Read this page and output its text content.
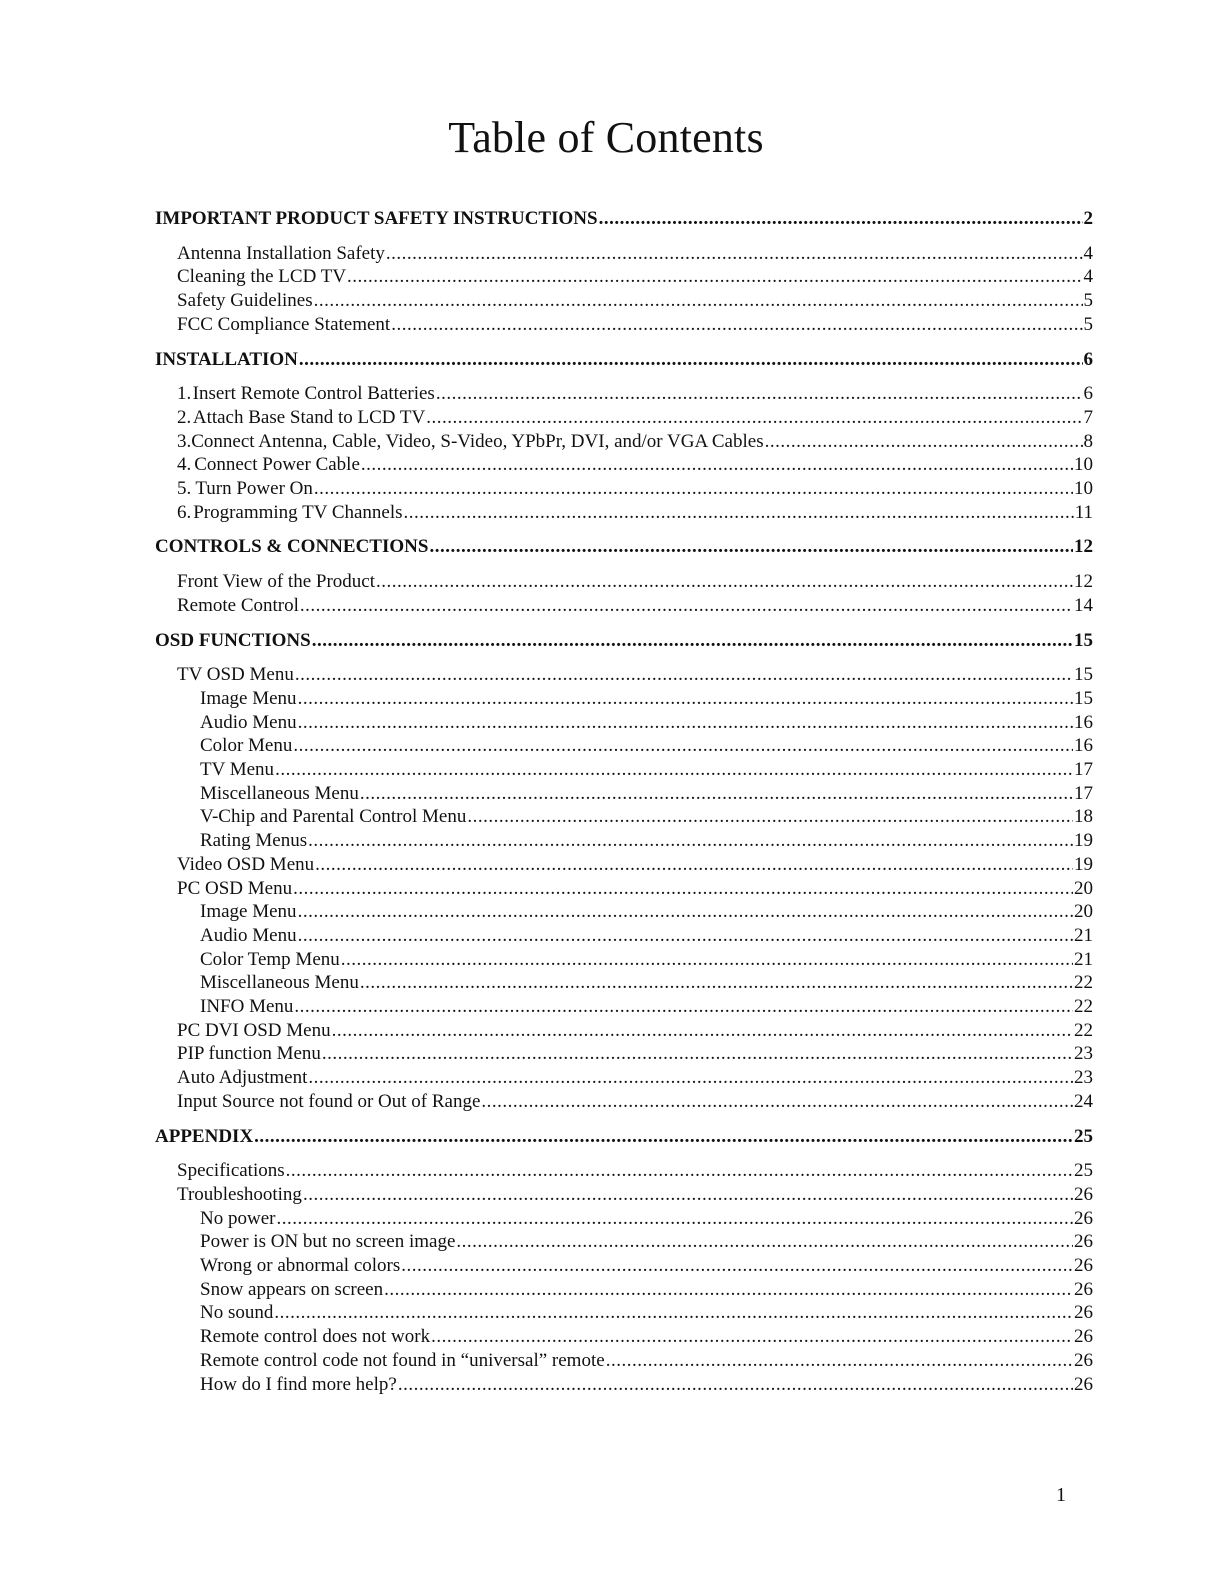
Table of Contents
IMPORTANT PRODUCT SAFETY INSTRUCTIONS .....	2
Antenna Installation Safety .....	4
Cleaning the LCD TV .....	4
Safety Guidelines .....	5
FCC Compliance Statement .....	5
INSTALLATION .....	6
1. Insert Remote Control Batteries .....	6
2. Attach Base Stand to LCD TV .....	7
3. Connect Antenna, Cable, Video, S-Video, YPbPr, DVI, and/or VGA Cables .....	8
4. Connect Power Cable .....	10
5. Turn Power On .....	10
6. Programming TV Channels .....	11
CONTROLS & CONNECTIONS .....	12
Front View of the Product .....	12
Remote Control .....	14
OSD FUNCTIONS .....	15
TV OSD Menu .....	15
Image Menu .....	15
Audio Menu .....	16
Color Menu .....	16
TV Menu .....	17
Miscellaneous Menu .....	17
V-Chip and Parental Control Menu .....	18
Rating Menus .....	19
Video OSD Menu .....	19
PC OSD Menu .....	20
Image Menu .....	20
Audio Menu .....	21
Color Temp Menu .....	21
Miscellaneous Menu .....	22
INFO Menu .....	22
PC DVI OSD Menu .....	22
PIP function Menu .....	23
Auto Adjustment .....	23
Input Source not found or Out of Range .....	24
APPENDIX .....	25
Specifications .....	25
Troubleshooting .....	26
No power .....	26
Power is ON but no screen image .....	26
Wrong or abnormal colors .....	26
Snow appears on screen .....	26
No sound .....	26
Remote control does not work .....	26
Remote control code not found in “universal” remote .....	26
How do I find more help? .....	26
1
